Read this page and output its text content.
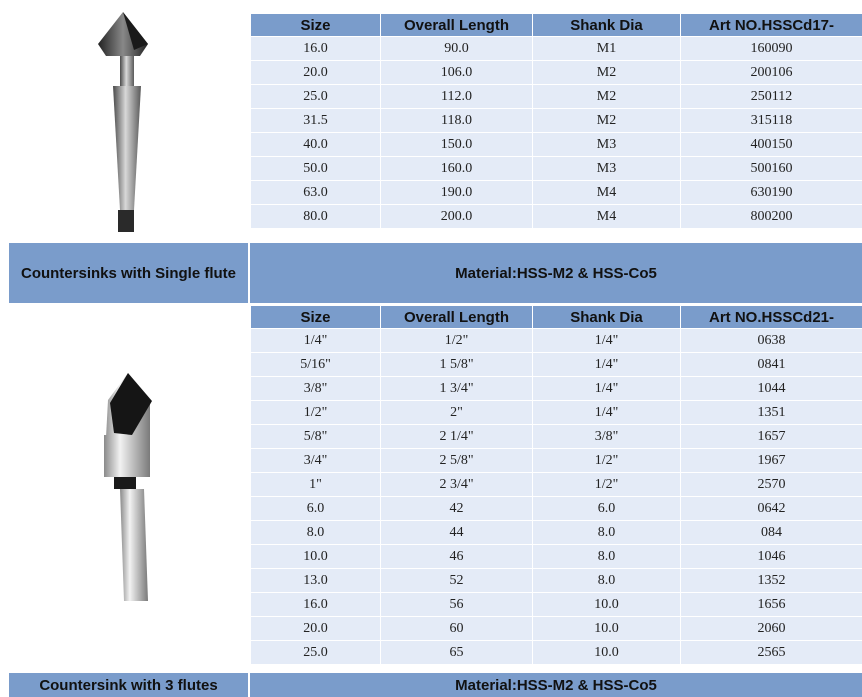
Size	Overall Length	Shank Dia	Art NO.HSSCd17-
16.0	90.0	M1	160090
20.0	106.0	M2	200106
25.0	112.0	M2	250112
31.5	118.0	M2	315118
40.0	150.0	M3	400150
50.0	160.0	M3	500160
63.0	190.0	M4	630190
80.0	200.0	M4	800200
Countersinks with Single flute	Material:HSS-M2 & HSS-Co5
Size	Overall Length	Shank Dia	Art NO.HSSCd21-
1/4"	1/2"	1/4"	0638
5/16"	1 5/8"	1/4"	0841
3/8"	1 3/4"	1/4"	1044
1/2"	2"	1/4"	1351
5/8"	2 1/4"	3/8"	1657
3/4"	2 5/8"	1/2"	1967
1"	2 3/4"	1/2"	2570
6.0	42	6.0	0642
8.0	44	8.0	084
10.0	46	8.0	1046
13.0	52	8.0	1352
16.0	56	10.0	1656
20.0	60	10.0	2060
25.0	65	10.0	2565
Countersink with 3 flutes	Material:HSS-M2 & HSS-Co5
